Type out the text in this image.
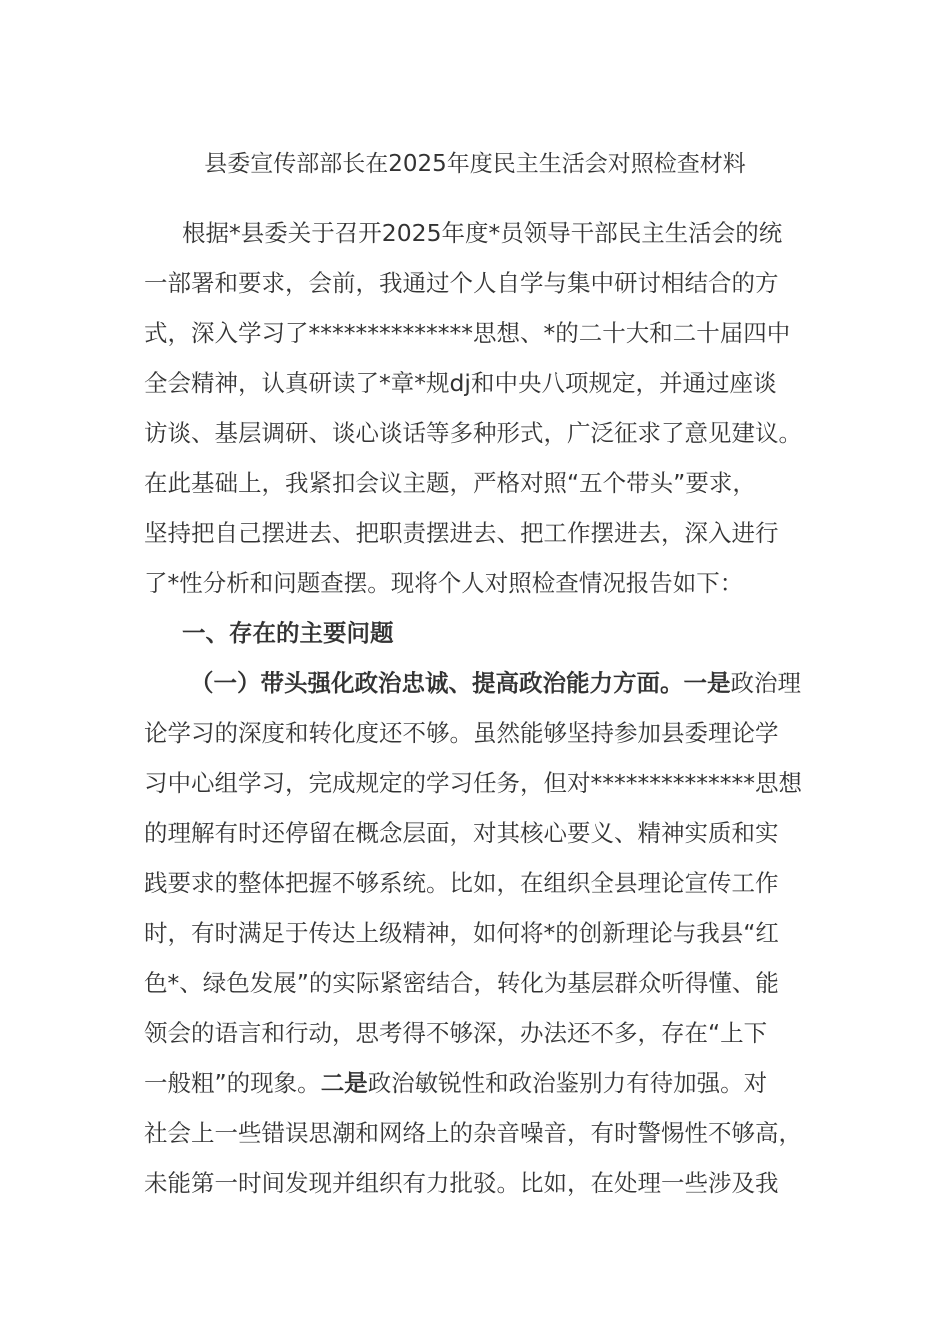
县委宣传部部长在2025年度民主生活会对照检查材料
根据*县委关于召开2025年度*员领导干部民主生活会的统
一部署和要求，会前，我通过个人自学与集中研讨相结合的方
式，深入学习了**************思想、*的二十大和二十届四中
全会精神，认真研读了*章*规dj和中央八项规定，并通过座谈
访谈、基层调研、谈心谈话等多种形式，广泛征求了意见建议。
在此基础上，我紧扣会议主题，严格对照“五个带头”要求，
坚持把自己摆进去、把职责摆进去、把工作摆进去，深入进行
了*性分析和问题查摆。现将个人对照检查情况报告如下：
一、存在的主要问题
（一）带头强化政治忠诚、提高政治能力方面。一是政治理
论学习的深度和转化度还不够。虽然能够坚持参加县委理论学
习中心组学习，完成规定的学习任务，但对**************思想
的理解有时还停留在概念层面，对其核心要义、精神实质和实
践要求的整体把握不够系统。比如，在组织全县理论宣传工作
时，有时满足于传达上级精神，如何将*的创新理论与我县“红
色*、绿色发展”的实际紧密结合，转化为基层群众听得懂、能
领会的语言和行动，思考得不够深，办法还不多，存在“上下
一般粗”的现象。二是政治敏锐性和政治鉴别力有待加强。对
社会上一些错误思潮和网络上的杂音噪音，有时警惕性不够高，
未能第一时间发现并组织有力批驳。比如，在处理一些涉及我
